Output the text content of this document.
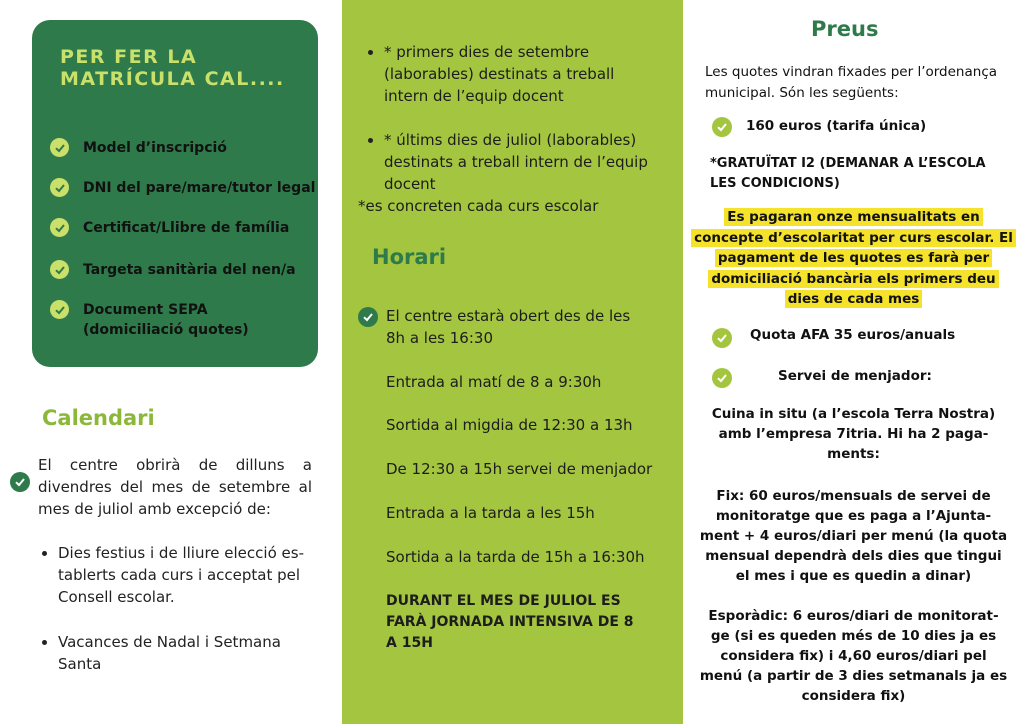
PER FER LA
MATRÍCULA CAL....
Model d’inscripció
DNI del pare/mare/tutor legal
Certificat/Llibre de família
Targeta sanitària del nen/a
Document SEPA
(domiciliació quotes)
Calendari
El centre obrirà de dilluns a
divendres del mes de setembre al
mes de juliol amb excepció de:
Dies festius i de lliure elecció es-
tablerts cada curs i acceptat pel
Consell escolar.
Vacances de Nadal i Setmana
Santa
* primers dies de setembre
(laborables) destinats a treball
intern de l’equip docent
* últims dies de juliol (laborables)
destinats a treball intern de l’equip
docent
*es concreten cada curs escolar
Horari
El centre estarà obert des de les
8h a les 16:30
Entrada al matí de 8 a 9:30h
Sortida al migdia de 12:30 a 13h
De 12:30 a 15h servei de menjador
Entrada a la tarda a les 15h
Sortida a la tarda de 15h a 16:30h
DURANT EL MES DE JULIOL ES
FARÀ JORNADA INTENSIVA DE 8
A 15H
Preus
Les quotes vindran fixades per l’ordenança
municipal. Són les següents:
160 euros (tarifa única)
*GRATUÏTAT I2 (DEMANAR A L’ESCOLA
LES CONDICIONS)
Es pagaran onze mensualitats en
concepte d’escolaritat per curs escolar. El
pagament de les quotes es farà per
domiciliació bancària els primers deu
dies de cada mes
Quota AFA 35 euros/anuals
Servei de menjador:
Cuina in situ (a l’escola Terra Nostra)
amb l’empresa 7itria. Hi ha 2 paga-
ments:
Fix: 60 euros/mensuals de servei de
monitoratge que es paga a l’Ajunta-
ment + 4 euros/diari per menú (la quota
mensual dependrà dels dies que tingui
el mes i que es quedin a dinar)
Esporàdic: 6 euros/diari de monitorat-
ge (si es queden més de 10 dies ja es
considera fix) i 4,60 euros/diari pel
menú (a partir de 3 dies setmanals ja es
considera fix)
